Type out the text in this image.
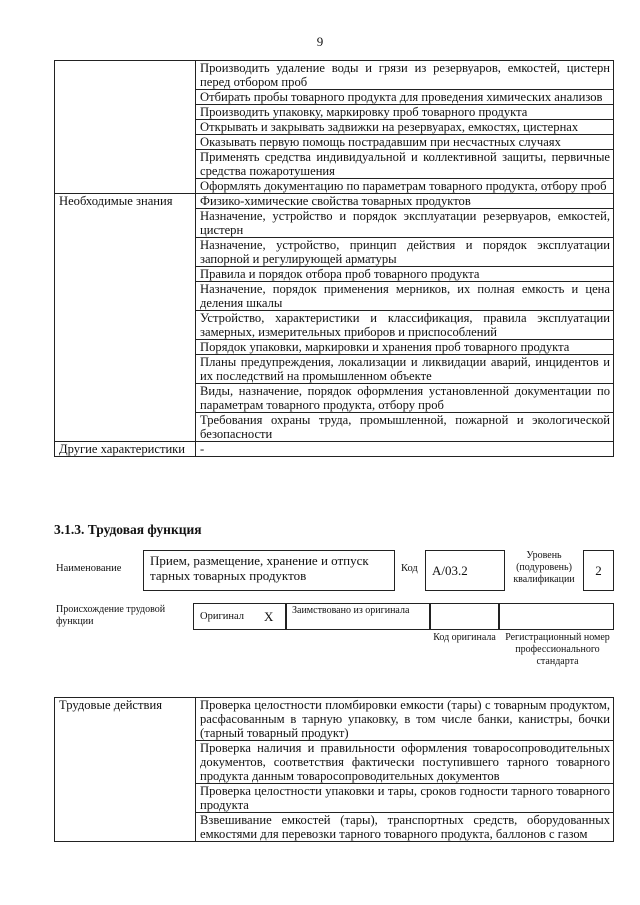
9
	Производить удаление воды и грязи из резервуаров, емкостей, цистерн перед отбором проб
	Отбирать пробы товарного продукта для проведения химических анализов
	Производить упаковку, маркировку проб товарного продукта
	Открывать и закрывать задвижки на резервуарах, емкостях, цистернах
	Оказывать первую помощь пострадавшим при несчастных случаях
	Применять средства индивидуальной и коллективной защиты, первичные средства пожаротушения
	Оформлять документацию по параметрам товарного продукта, отбору проб
Необходимые знания	Физико-химические свойства товарных продуктов
	Назначение, устройство и порядок эксплуатации резервуаров, емкостей, цистерн
	Назначение, устройство, принцип действия и порядок эксплуатации запорной и регулирующей арматуры
	Правила и порядок отбора проб товарного продукта
	Назначение, порядок применения мерников, их полная емкость и цена деления шкалы
	Устройство, характеристики и классификация, правила эксплуатации замерных, измерительных приборов и приспособлений
	Порядок упаковки, маркировки и хранения проб товарного продукта
	Планы предупреждения, локализации и ликвидации аварий, инцидентов и их последствий на промышленном объекте
	Виды, назначение, порядок оформления установленной документации по параметрам товарного продукта, отбору проб
	Требования охраны труда, промышленной, пожарной и экологической безопасности
Другие характеристики	-
3.1.3. Трудовая функция
Наименование
Прием, размещение, хранение и отпуск тарных товарных продуктов	Код	A/03.2
Уровень (подуровень) квалификации
2
Происхождение трудовой функции	Оригинал X	Заимствовано из оригинала
Код оригинала Регистрационный номер профессионального стандарта
Трудовые действия	Проверка целостности пломбировки емкости (тары) с товарным продуктом, расфасованным в тарную упаковку, в том числе банки, канистры, бочки (тарный товарный продукт)
Проверка наличия и правильности оформления товаросопроводительных документов, соответствия фактически поступившего тарного товарного продукта данным товаросопроводительных документов
Проверка целостности упаковки и тары, сроков годности тарного товарного продукта
Взвешивание емкостей (тары), транспортных средств, оборудованных емкостями для перевозки тарного товарного продукта, баллонов с газом
